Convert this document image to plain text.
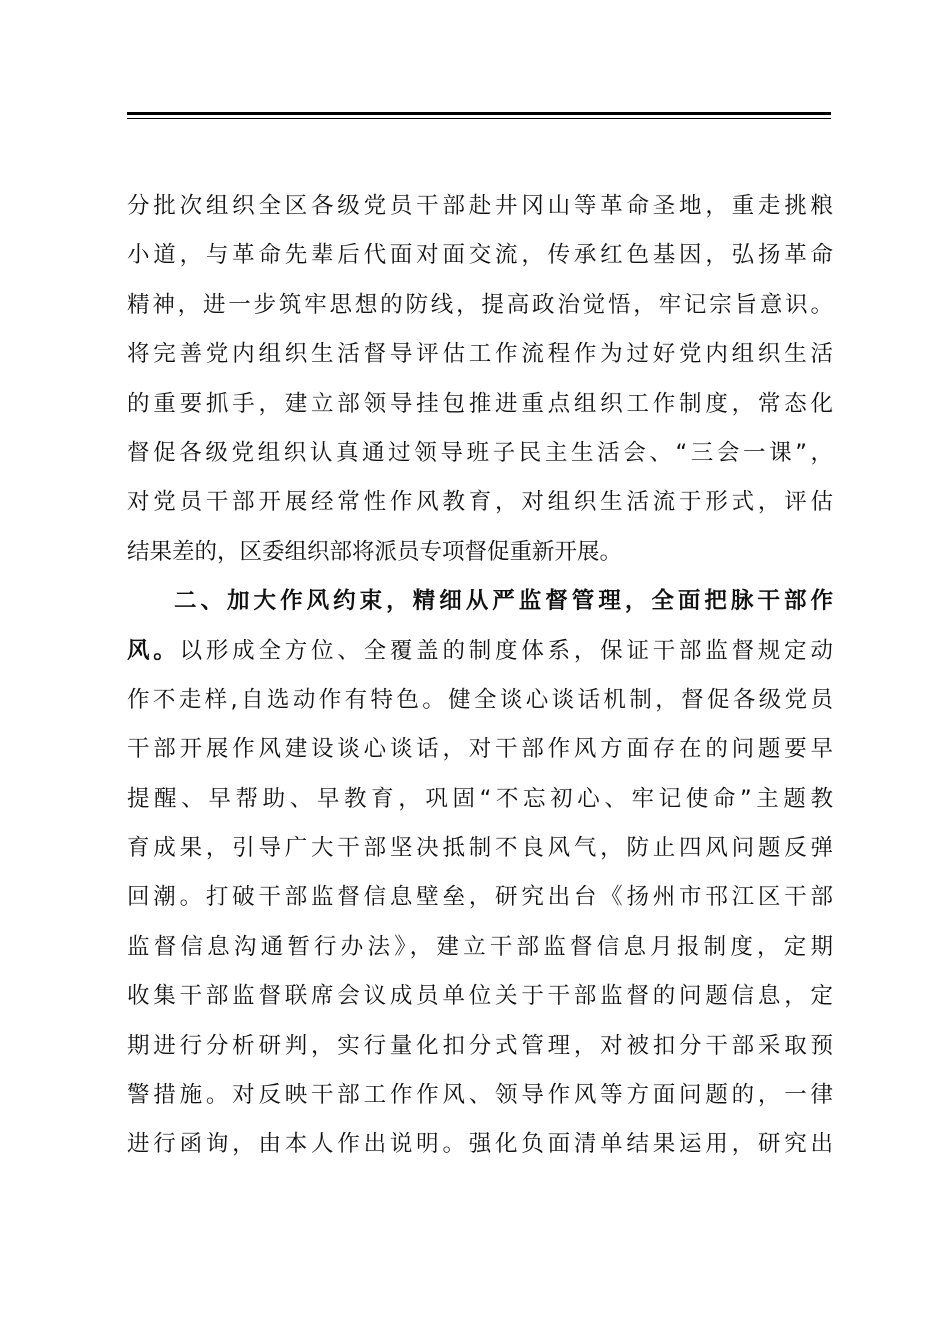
分批次组织全区各级党员干部赴井冈山等革命圣地，重走挑粮
小道，与革命先辈后代面对面交流，传承红色基因，弘扬革命
精神，进一步筑牢思想的防线，提高政治觉悟，牢记宗旨意识。
将完善党内组织生活督导评估工作流程作为过好党内组织生活
的重要抓手，建立部领导挂包推进重点组织工作制度，常态化
督促各级党组织认真通过领导班子民主生活会、“三会一课”，
对党员干部开展经常性作风教育，对组织生活流于形式，评估
结果差的，区委组织部将派员专项督促重新开展。
二、加大作风约束，精细从严监督管理，全面把脉干部作
风。以形成全方位、全覆盖的制度体系，保证干部监督规定动
作不走样,自选动作有特色。健全谈心谈话机制，督促各级党员
干部开展作风建设谈心谈话，对干部作风方面存在的问题要早
提醒、早帮助、早教育，巩固“不忘初心、牢记使命”主题教
育成果，引导广大干部坚决抵制不良风气，防止四风问题反弹
回潮。打破干部监督信息壁垒，研究出台《扬州市邗江区干部
监督信息沟通暂行办法》，建立干部监督信息月报制度，定期
收集干部监督联席会议成员单位关于干部监督的问题信息，定
期进行分析研判，实行量化扣分式管理，对被扣分干部采取预
警措施。对反映干部工作作风、领导作风等方面问题的，一律
进行函询，由本人作出说明。强化负面清单结果运用，研究出
